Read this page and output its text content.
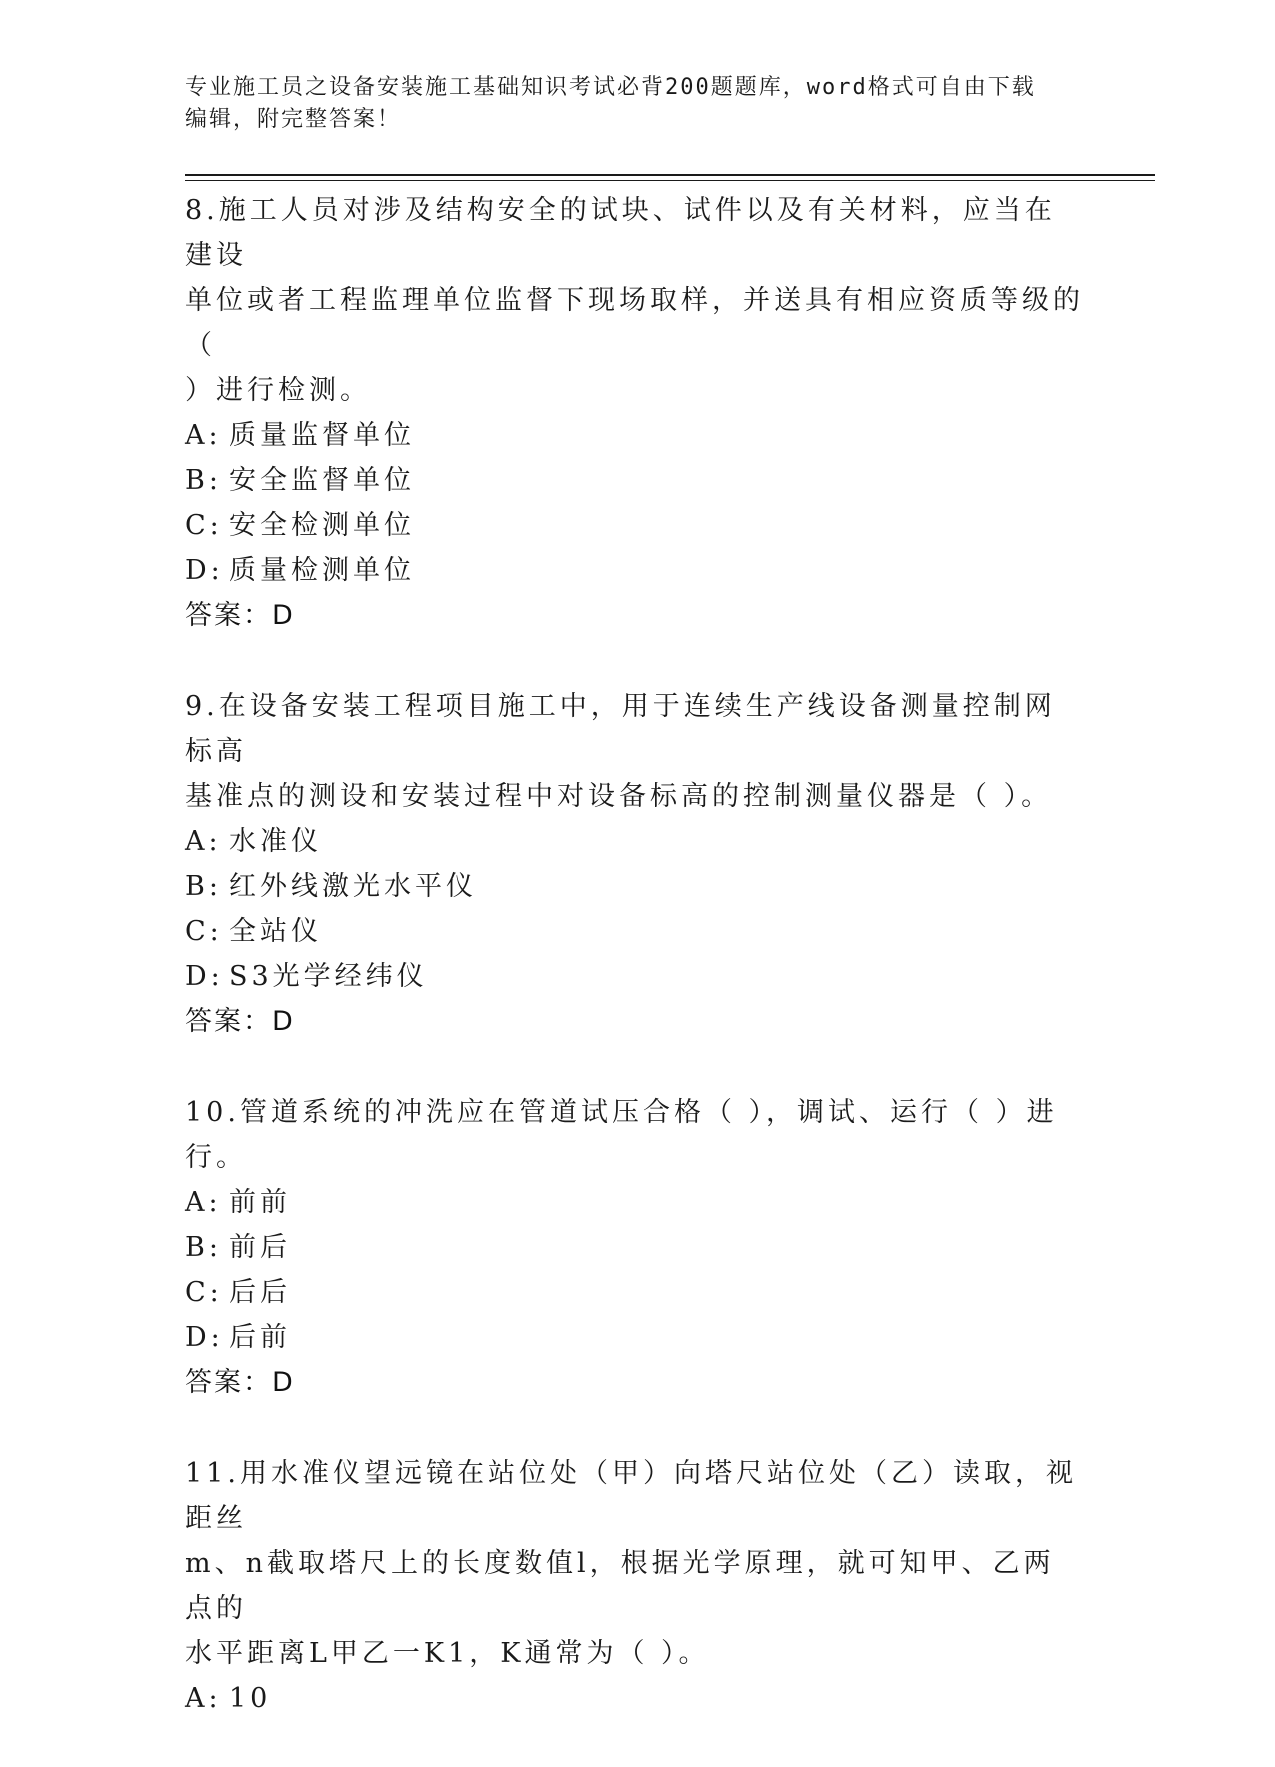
专业施工员之设备安装施工基础知识考试必背200题题库，word格式可自由下载
编辑，附完整答案！

8.施工人员对涉及结构安全的试块、试件以及有关材料，应当在建设

单位或者工程监理单位监督下现场取样，并送具有相应资质等级的（

）进行检测。

A: 质量监督单位

B: 安全监督单位

C: 安全检测单位

D: 质量检测单位

答案：D

9.在设备安装工程项目施工中，用于连续生产线设备测量控制网标高

基准点的测设和安装过程中对设备标高的控制测量仪器是（ ）。

A: 水准仪

B: 红外线激光水平仪

C: 全站仪

D: S3光学经纬仪

答案：D

10.管道系统的冲洗应在管道试压合格（ ），调试、运行（ ）进行。

A: 前前

B: 前后

C: 后后

D: 后前

答案：D

11.用水准仪望远镜在站位处（甲）向塔尺站位处（乙）读取，视距丝

m、n截取塔尺上的长度数值l，根据光学原理，就可知甲、乙两点的

水平距离L甲乙一K1，K通常为（ ）。

A: 10
